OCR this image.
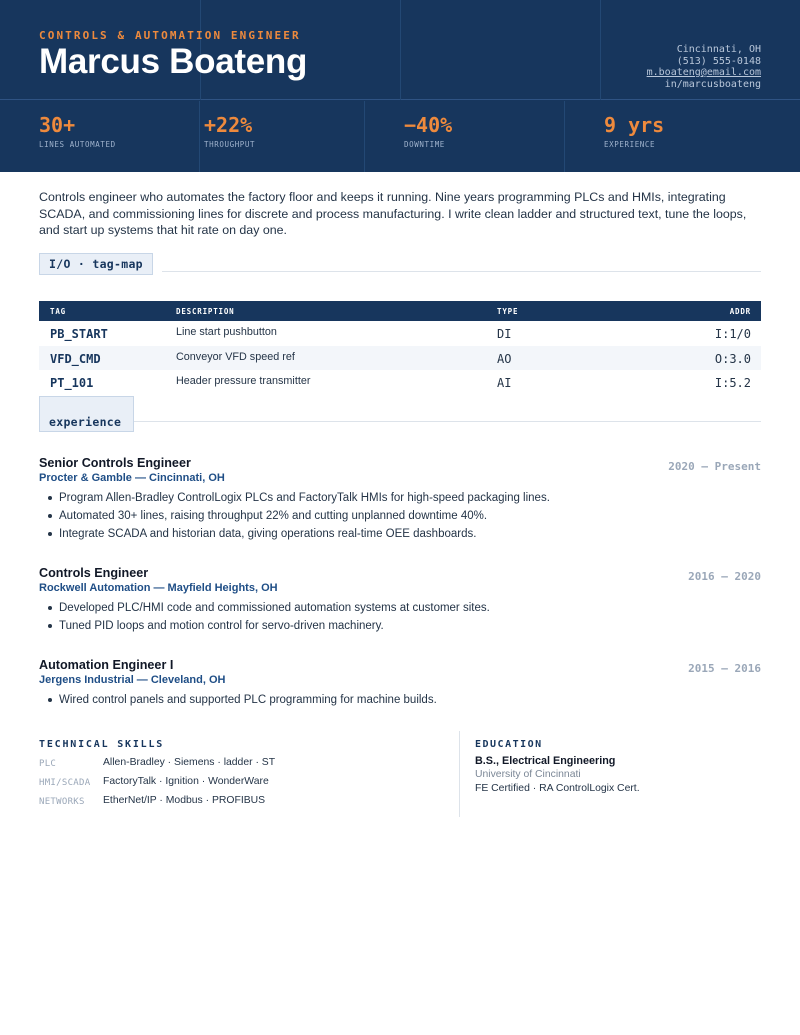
CONTROLS & AUTOMATION ENGINEER
Marcus Boateng	Cincinnati, OH
(513) 555-0148
m.boateng@email.com
in/marcusboateng
30+
LINES AUTOMATED
+22%
THROUGHPUT
−40%
DOWNTIME
9 yrs
EXPERIENCE

Controls engineer who automates the factory floor and keeps it running. Nine years programming PLCs and HMIs, integrating SCADA, and commissioning lines for discrete and process manufacturing. I write clean ladder and structured text, tune the loops, and start up systems that hit rate on day one.

I/O · tag-map
TAG	DESCRIPTION	TYPE	ADDR
PB_START	Line start pushbutton	DI	I:1/0
VFD_CMD	Conveyor VFD speed ref	AO	O:3.0
PT_101	Header pressure transmitter	AI	I:5.2
experience
Senior Controls Engineer
Procter & Gamble — Cincinnati, OH
2020 — Present
Program Allen-Bradley ControlLogix PLCs and FactoryTalk HMIs for high-speed packaging lines.
Automated 30+ lines, raising throughput 22% and cutting unplanned downtime 40%.
Integrate SCADA and historian data, giving operations real-time OEE dashboards.
Controls Engineer
Rockwell Automation — Mayfield Heights, OH
2016 — 2020
Developed PLC/HMI code and commissioned automation systems at customer sites.
Tuned PID loops and motion control for servo-driven machinery.
Automation Engineer I
Jergens Industrial — Cleveland, OH
2015 — 2016
Wired control panels and supported PLC programming for machine builds.
TECHNICAL SKILLS
PLC	Allen-Bradley · Siemens · ladder · ST
HMI/SCADA FactoryTalk · Ignition · WonderWare
NETWORKS EtherNet/IP · Modbus · PROFIBUS
EDUCATION
B.S., Electrical Engineering
University of Cincinnati
FE Certified · RA ControlLogix Cert.
